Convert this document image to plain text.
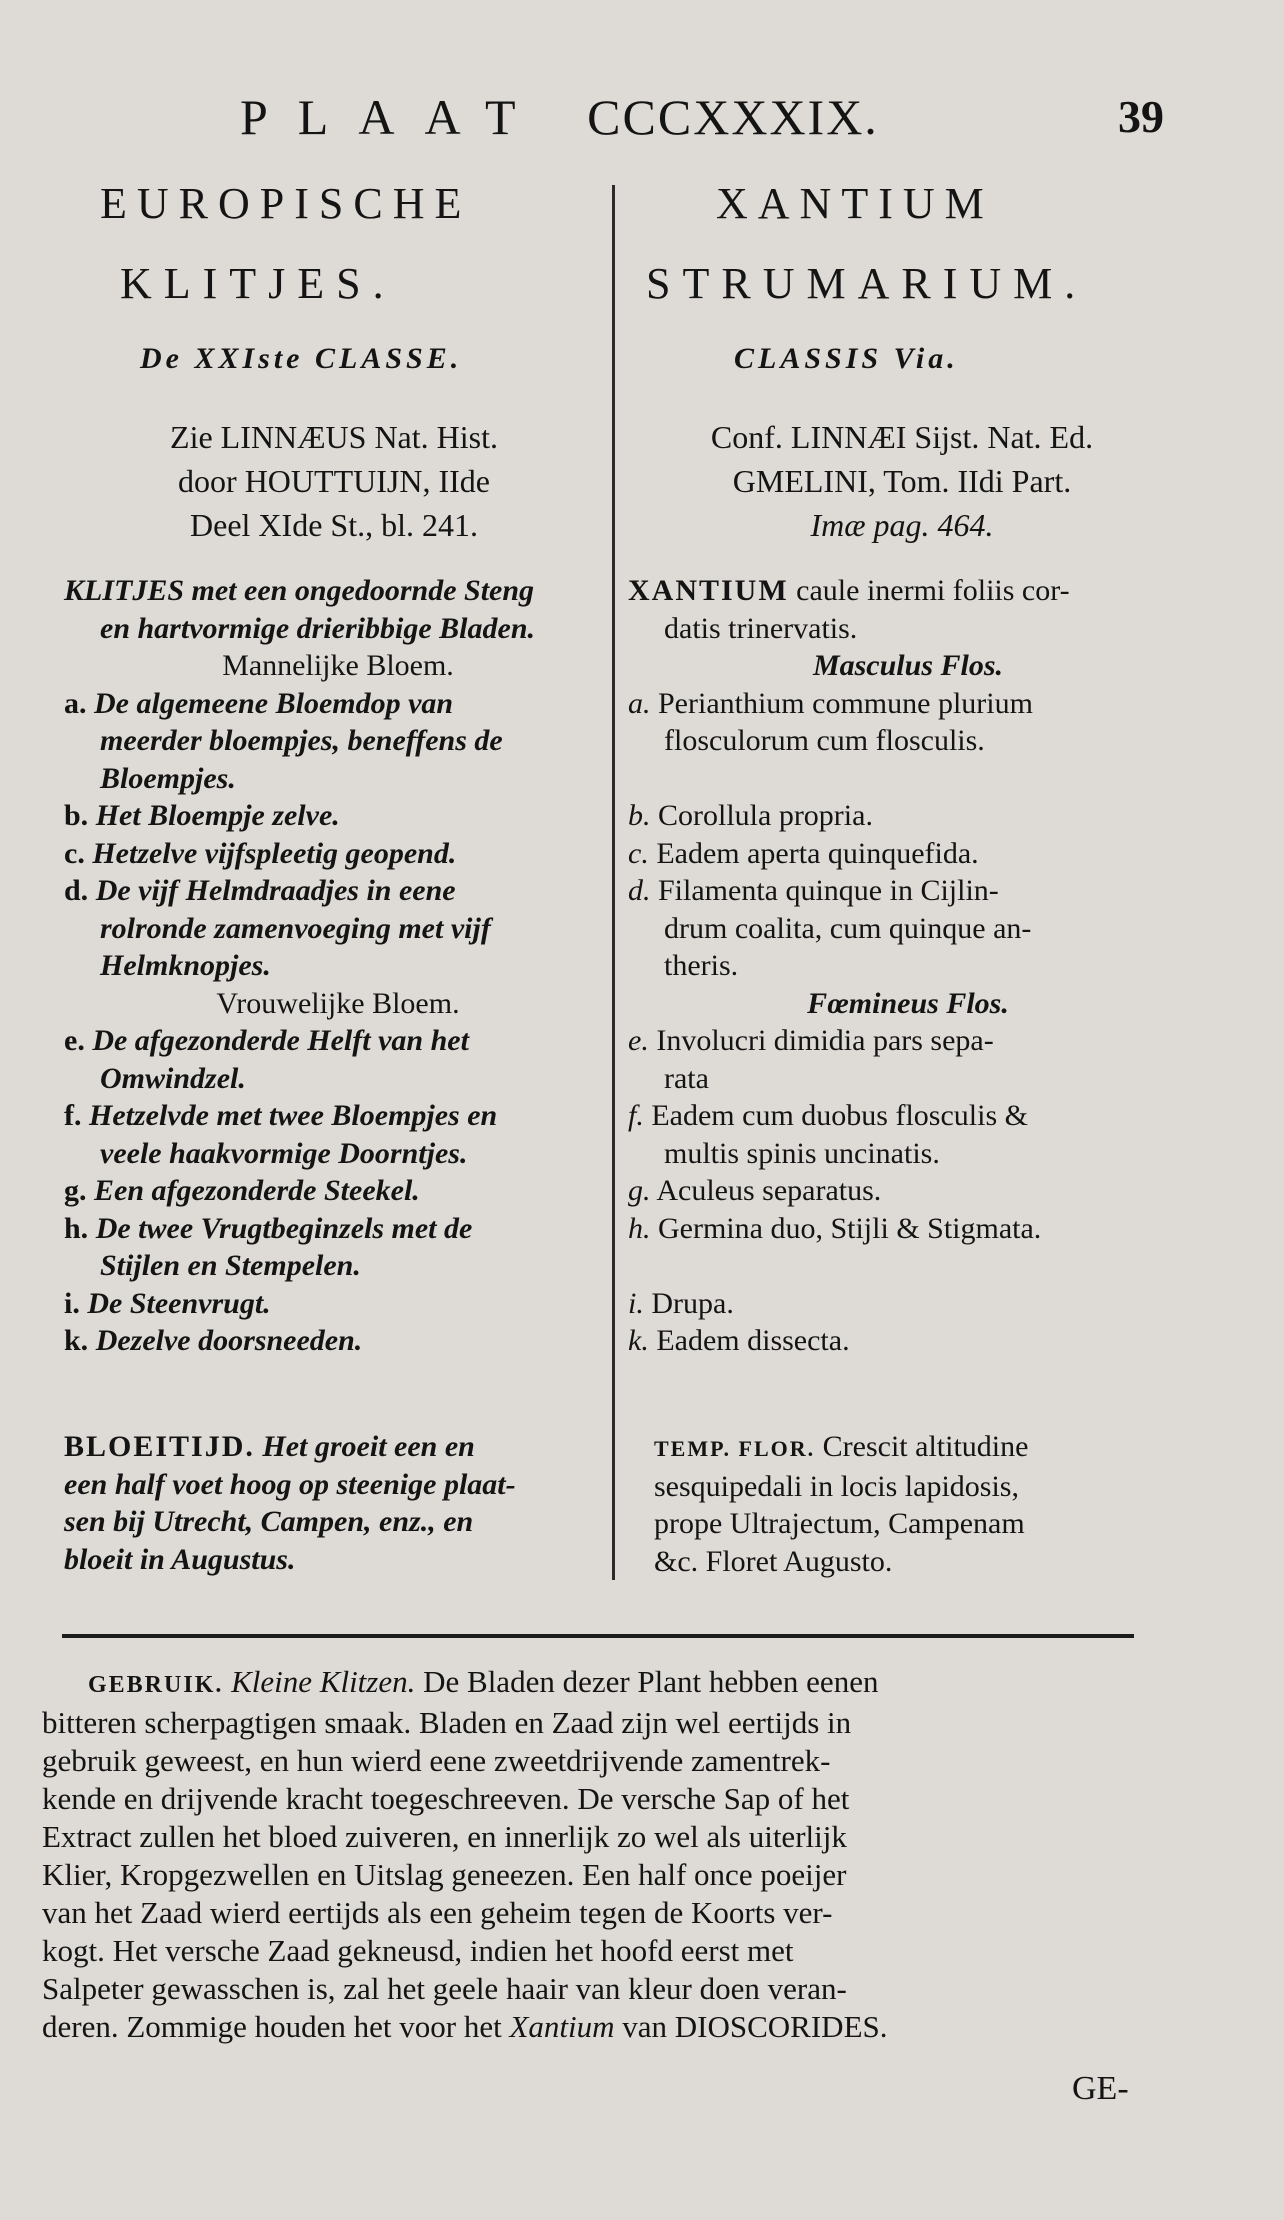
PLAAT CCCXXXIX.	39
EUROPISCHE
KLITJES.
De XXIste CLASSE.
Zie LINNÆUS Nat. Hist.
door HOUTTUIJN, IIde
Deel XIde St., bl. 241.
KLITJES met een ongedoornde Steng
en hartvormige drieribbige Bladen.
Mannelijke Bloem.
a. De algemeene Bloemdop van
meerder bloempjes, beneffens de
Bloempjes.
b. Het Bloempje zelve.
c. Hetzelve vijfspleetig geopend.
d. De vijf Helmdraadjes in eene
rolronde zamenvoeging met vijf
Helmknopjes.
Vrouwelijke Bloem.
e. De afgezonderde Helft van het
Omwindzel.
f. Hetzelvde met twee Bloempjes en
veele haakvormige Doorntjes.
g. Een afgezonderde Steekel.
h. De twee Vrugtbeginzels met de
Stijlen en Stempelen.
i. De Steenvrugt.
k. Dezelve doorsneeden.
BLOEITIJD. Het groeit een en
een half voet hoog op steenige plaat-
sen bij Utrecht, Campen, enz., en
bloeit in Augustus.
XANTIUM
STRUMARIUM.
CLASSIS Via.
Conf. LINNÆI Sijst. Nat. Ed.
GMELINI, Tom. IIdi Part.
Imæ pag. 464.
XANTIUM caule inermi foliis cor-
datis trinervatis.
Masculus Flos.
a. Perianthium commune plurium
flosculorum cum flosculis.

b. Corollula propria.
c. Eadem aperta quinquefida.
d. Filamenta quinque in Cijlin-
drum coalita, cum quinque an-
theris.
Fœmineus Flos.
e. Involucri dimidia pars sepa-
rata
f. Eadem cum duobus flosculis &
multis spinis uncinatis.
g. Aculeus separatus.
h. Germina duo, Stijli & Stigmata.

i. Drupa.
k. Eadem dissecta.
TEMP. FLOR. Crescit altitudine
sesquipedali in locis lapidosis,
prope Ultrajectum, Campenam
&c. Floret Augusto.
GEBRUIK. Kleine Klitzen. De Bladen dezer Plant hebben eenen
bitteren scherpagtigen smaak. Bladen en Zaad zijn wel eertijds in
gebruik geweest, en hun wierd eene zweetdrijvende zamentrek-
kende en drijvende kracht toegeschreeven. De versche Sap of het
Extract zullen het bloed zuiveren, en innerlijk zo wel als uiterlijk
Klier, Kropgezwellen en Uitslag geneezen. Een half once poeijer
van het Zaad wierd eertijds als een geheim tegen de Koorts ver-
kogt. Het versche Zaad gekneusd, indien het hoofd eerst met
Salpeter gewasschen is, zal het geele haair van kleur doen veran-
deren. Zommige houden het voor het Xantium van DIOSCORIDES.
GE-
